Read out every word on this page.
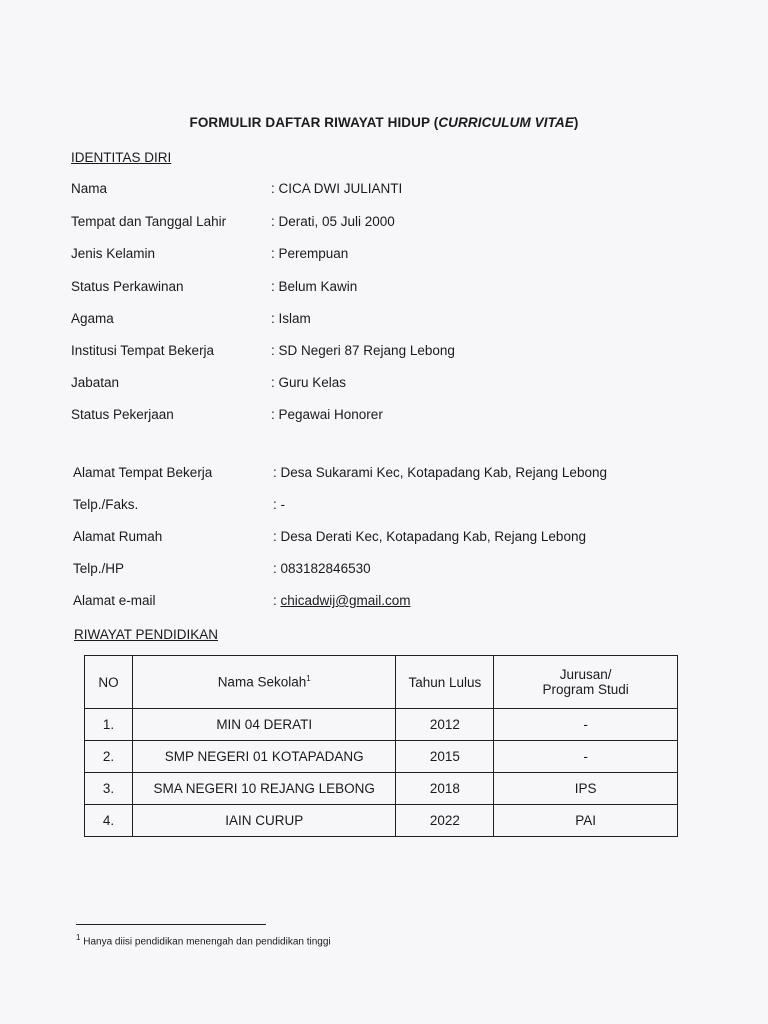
FORMULIR DAFTAR RIWAYAT HIDUP (CURRICULUM VITAE)
IDENTITAS DIRI
Nama	: CICA DWI JULIANTI
Tempat dan Tanggal Lahir	: Derati, 05 Juli 2000
Jenis Kelamin	: Perempuan
Status Perkawinan	: Belum Kawin
Agama	: Islam
Institusi Tempat Bekerja	: SD Negeri 87 Rejang Lebong
Jabatan	: Guru Kelas
Status Pekerjaan	: Pegawai Honorer
Alamat Tempat Bekerja	: Desa Sukarami Kec, Kotapadang Kab, Rejang Lebong
Telp./Faks.	: -
Alamat Rumah	: Desa Derati Kec, Kotapadang Kab, Rejang Lebong
Telp./HP	: 083182846530
Alamat e-mail	: chicadwij@gmail.com
RIWAYAT PENDIDIKAN
NO	Nama Sekolah$^1$	Tahun Lulus	Jurusan/
Program Studi
1.	MIN 04 DERATI	2012	-
2.	SMP NEGERI 01 KOTAPADANG	2015	-
3.	SMA NEGERI 10 REJANG LEBONG	2018	IPS
4.	IAIN CURUP	2022	PAI
$^1$ Hanya diisi pendidikan menengah dan pendidikan tinggi
